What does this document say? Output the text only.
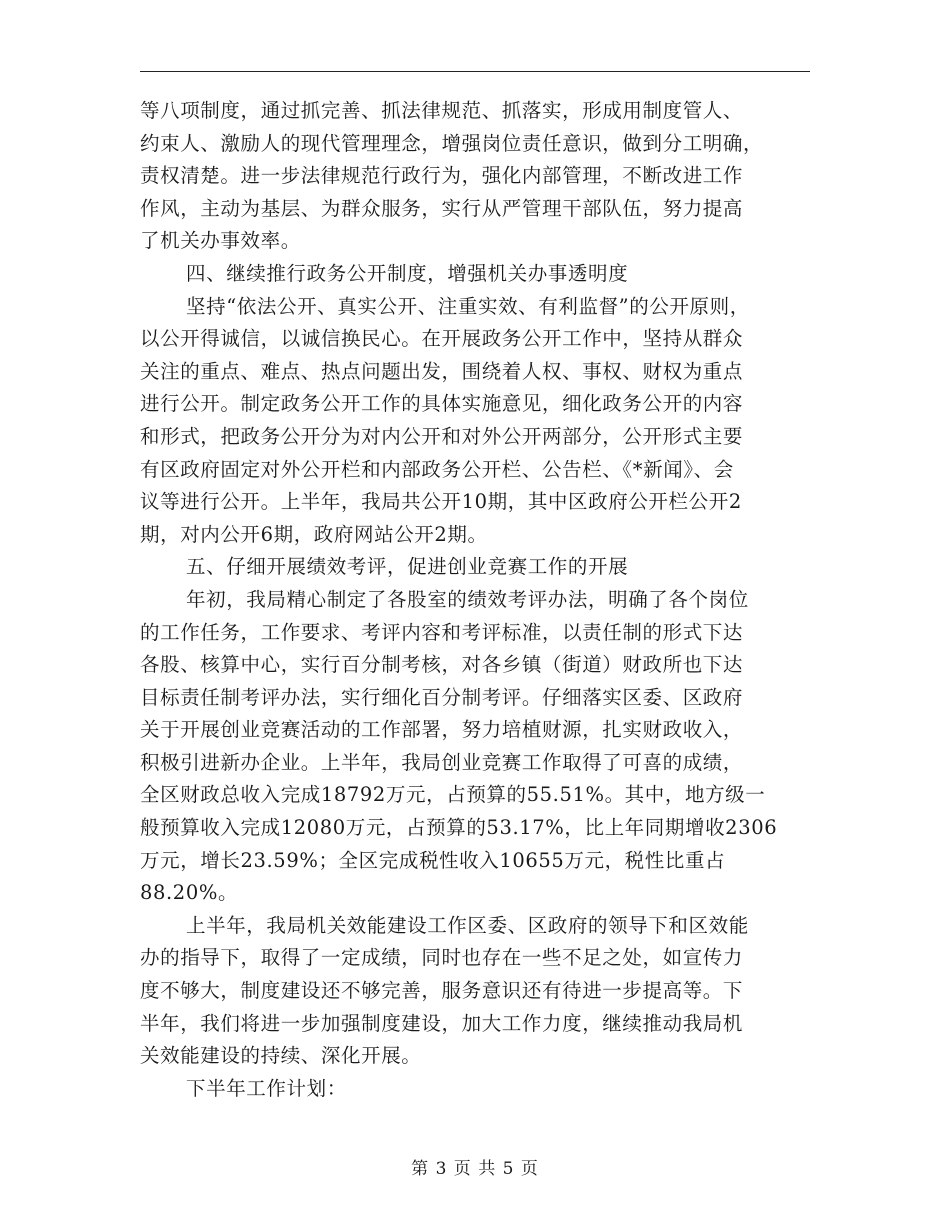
等八项制度，通过抓完善、抓法律规范、抓落实，形成用制度管人、
约束人、激励人的现代管理理念，增强岗位责任意识，做到分工明确，
责权清楚。进一步法律规范行政行为，强化内部管理，不断改进工作
作风，主动为基层、为群众服务，实行从严管理干部队伍，努力提高
了机关办事效率。
四、继续推行政务公开制度，增强机关办事透明度
坚持“依法公开、真实公开、注重实效、有利监督”的公开原则，
以公开得诚信，以诚信换民心。在开展政务公开工作中，坚持从群众
关注的重点、难点、热点问题出发，围绕着人权、事权、财权为重点
进行公开。制定政务公开工作的具体实施意见，细化政务公开的内容
和形式，把政务公开分为对内公开和对外公开两部分，公开形式主要
有区政府固定对外公开栏和内部政务公开栏、公告栏、《*新闻》、会
议等进行公开。上半年，我局共公开10期，其中区政府公开栏公开2
期，对内公开6期，政府网站公开2期。
五、仔细开展绩效考评，促进创业竞赛工作的开展
年初，我局精心制定了各股室的绩效考评办法，明确了各个岗位
的工作任务，工作要求、考评内容和考评标准，以责任制的形式下达
各股、核算中心，实行百分制考核，对各乡镇（街道）财政所也下达
目标责任制考评办法，实行细化百分制考评。仔细落实区委、区政府
关于开展创业竞赛活动的工作部署，努力培植财源，扎实财政收入，
积极引进新办企业。上半年，我局创业竞赛工作取得了可喜的成绩，
全区财政总收入完成18792万元，占预算的55.51%。其中，地方级一
般预算收入完成12080万元，占预算的53.17%，比上年同期增收2306
万元，增长23.59%；全区完成税性收入10655万元，税性比重占
88.20%。
上半年，我局机关效能建设工作区委、区政府的领导下和区效能
办的指导下，取得了一定成绩，同时也存在一些不足之处，如宣传力
度不够大，制度建设还不够完善，服务意识还有待进一步提高等。下
半年，我们将进一步加强制度建设，加大工作力度，继续推动我局机
关效能建设的持续、深化开展。
下半年工作计划：
第 3 页 共 5 页
